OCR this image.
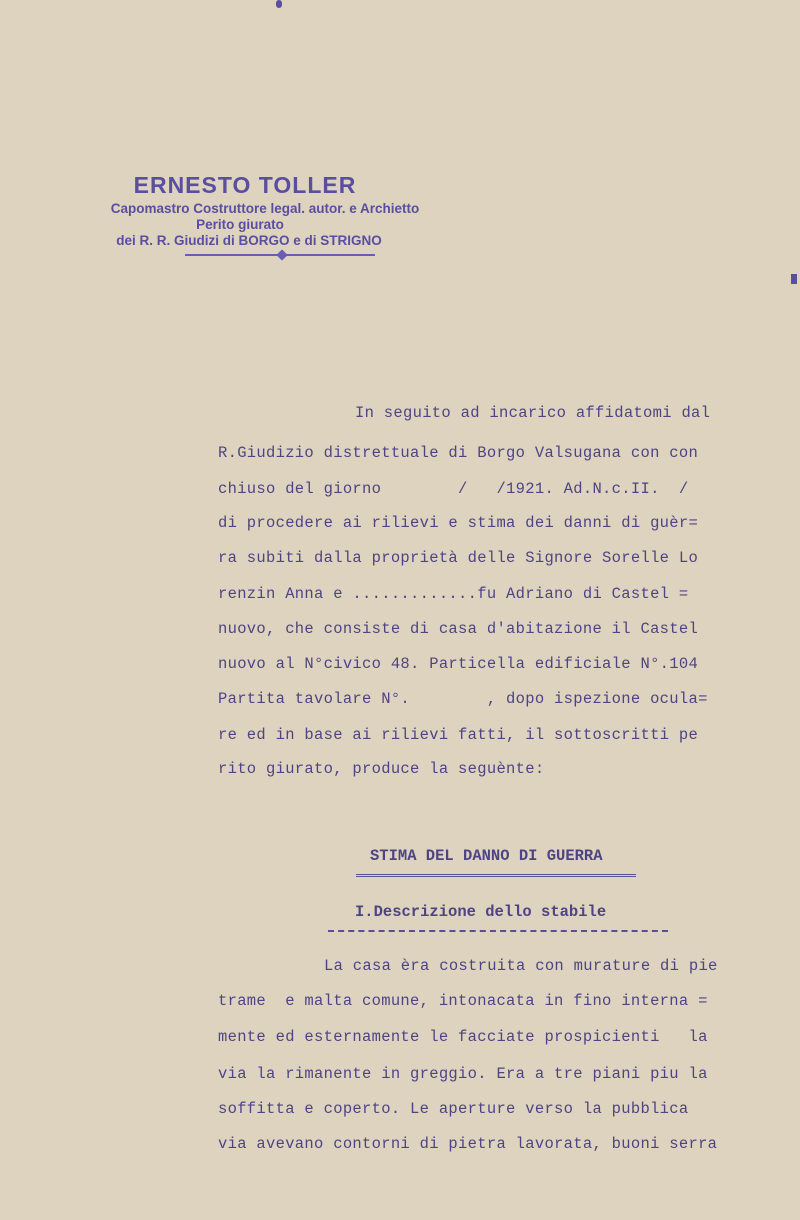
ERNESTO TOLLER
Capomastro Costruttore legal. autor. e Archietto
Perito giurato
dei R. R. Giudizi di BORGO e di STRIGNO
In seguito ad incarico affidatomi dal
R.Giudizio distrettuale di Borgo Valsugana con con
chiuso del giorno        /   /1921. Ad.N.c.II.  /
di procedere ai rilievi e stima dei danni di guèr=
ra subiti dalla proprietà delle Signore Sorelle Lo
renzin Anna e .............fu Adriano di Castel =
nuovo, che consiste di casa d'abitazione il Castel
nuovo al N°civico 48. Particella edificiale N°.104
Partita tavolare N°.        , dopo ispezione ocula=
re ed in base ai rilievi fatti, il sottoscritti pe
rito giurato, produce la seguènte:
STIMA DEL DANNO DI GUERRA
I.Descrizione dello stabile
La casa èra costruita con murature di pie
trame  e malta comune, intonacata in fino interna =
mente ed esternamente le facciate prospicienti   la
via la rimanente in greggio. Era a tre piani piu la
soffitta e coperto. Le aperture verso la pubblica
via avevano contorni di pietra lavorata, buoni serra
